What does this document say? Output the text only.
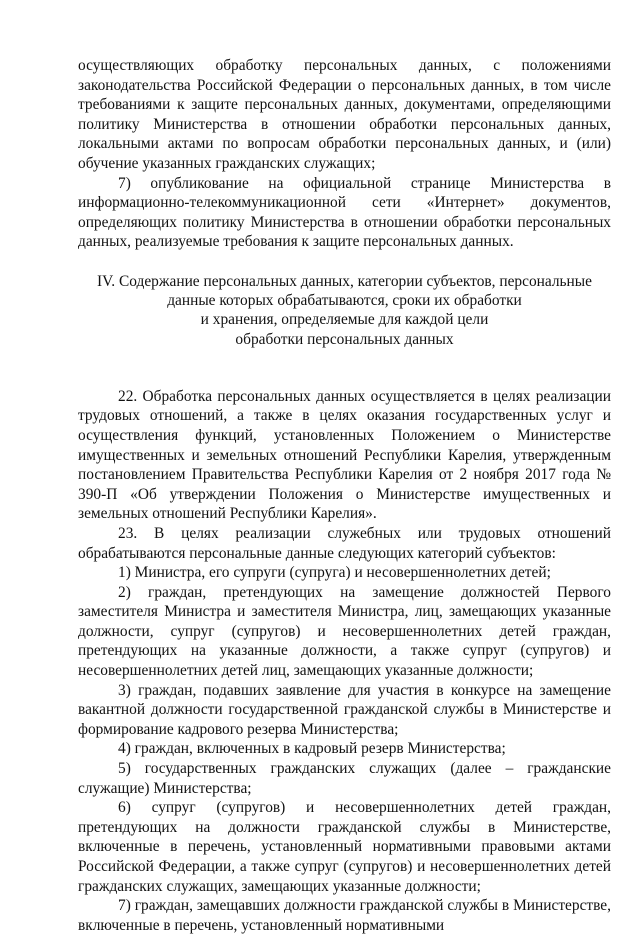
осуществляющих обработку персональных данных, с положениями законодательства Российской Федерации о персональных данных, в том числе требованиями к защите персональных данных, документами, определяющими политику Министерства в отношении обработки персональных данных, локальными актами по вопросам обработки персональных данных, и (или) обучение указанных гражданских служащих;

7) опубликование на официальной странице Министерства в информационно-телекоммуникационной сети «Интернет» документов, определяющих политику Министерства в отношении обработки персональных данных, реализуемые требования к защите персональных данных.

IV. Содержание персональных данных, категории субъектов, персональные
данные которых обрабатываются, сроки их обработки
и хранения, определяемые для каждой цели
обработки персональных данных

22. Обработка персональных данных осуществляется в целях реализации трудовых отношений, а также в целях оказания государственных услуг и осуществления функций, установленных Положением о Министерстве имущественных и земельных отношений Республики Карелия, утвержденным постановлением Правительства Республики Карелия от 2 ноября 2017 года № 390-П «Об утверждении Положения о Министерстве имущественных и земельных отношений Республики Карелия».

23. В целях реализации служебных или трудовых отношений обрабатываются персональные данные следующих категорий субъектов:

1) Министра, его супруги (супруга) и несовершеннолетних детей;

2) граждан, претендующих на замещение должностей Первого заместителя Министра и заместителя Министра, лиц, замещающих указанные должности, супруг (супругов) и несовершеннолетних детей граждан, претендующих на указанные должности, а также супруг (супругов) и несовершеннолетних детей лиц, замещающих указанные должности;

3) граждан, подавших заявление для участия в конкурсе на замещение вакантной должности государственной гражданской службы в Министерстве и формирование кадрового резерва Министерства;

4) граждан, включенных в кадровый резерв Министерства;

5) государственных гражданских служащих (далее – гражданские служащие) Министерства;

6) супруг (супругов) и несовершеннолетних детей граждан, претендующих на должности гражданской службы в Министерстве, включенные в перечень, установленный нормативными правовыми актами Российской Федерации, а также супруг (супругов) и несовершеннолетних детей гражданских служащих, замещающих указанные должности;

7) граждан, замещавших должности гражданской службы в Министерстве, включенные в перечень, установленный нормативными
